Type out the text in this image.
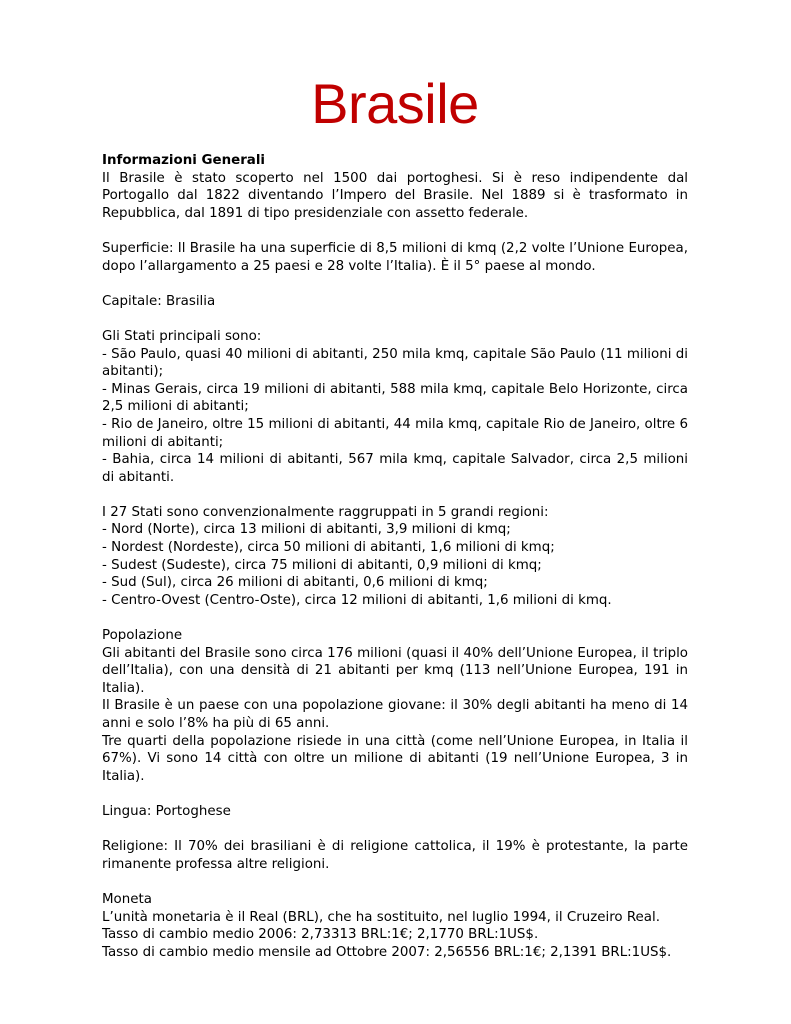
Brasile

Informazioni Generali

Il Brasile è stato scoperto nel 1500 dai portoghesi. Si è reso indipendente dal Portogallo dal 1822 diventando l’Impero del Brasile. Nel 1889 si è trasformato in Repubblica, dal 1891 di tipo presidenziale con assetto federale.

Superficie: Il Brasile ha una superficie di 8,5 milioni di kmq (2,2 volte l’Unione Europea, dopo l’allargamento a 25 paesi e 28 volte l’Italia). È il 5° paese al mondo.

Capitale: Brasilia

Gli Stati principali sono:

- São Paulo, quasi 40 milioni di abitanti, 250 mila kmq, capitale São Paulo (11 milioni di abitanti);

- Minas Gerais, circa 19 milioni di abitanti, 588 mila kmq, capitale Belo Horizonte, circa 2,5 milioni di abitanti;

- Rio de Janeiro, oltre 15 milioni di abitanti, 44 mila kmq, capitale Rio de Janeiro, oltre 6 milioni di abitanti;

- Bahia, circa 14 milioni di abitanti, 567 mila kmq, capitale Salvador, circa 2,5 milioni di abitanti.

I 27 Stati sono convenzionalmente raggruppati in 5 grandi regioni:

- Nord (Norte), circa 13 milioni di abitanti, 3,9 milioni di kmq;

- Nordest (Nordeste), circa 50 milioni di abitanti, 1,6 milioni di kmq;

- Sudest (Sudeste), circa 75 milioni di abitanti, 0,9 milioni di kmq;

- Sud (Sul), circa 26 milioni di abitanti, 0,6 milioni di kmq;

- Centro-Ovest (Centro-Oste), circa 12 milioni di abitanti, 1,6 milioni di kmq.

Popolazione

Gli abitanti del Brasile sono circa 176 milioni (quasi il 40% dell’Unione Europea, il triplo dell’Italia), con una densità di 21 abitanti per kmq (113 nell’Unione Europea, 191 in Italia).

Il Brasile è un paese con una popolazione giovane: il 30% degli abitanti ha meno di 14 anni e solo l’8% ha più di 65 anni.

Tre quarti della popolazione risiede in una città (come nell’Unione Europea, in Italia il 67%). Vi sono 14 città con oltre un milione di abitanti (19 nell’Unione Europea, 3 in Italia).

Lingua: Portoghese

Religione: Il 70% dei brasiliani è di religione cattolica, il 19% è protestante, la parte rimanente professa altre religioni.

Moneta

L’unità monetaria è il Real (BRL), che ha sostituito, nel luglio 1994, il Cruzeiro Real.

Tasso di cambio medio 2006: 2,73313 BRL:1€; 2,1770 BRL:1US$.

Tasso di cambio medio mensile ad Ottobre 2007: 2,56556 BRL:1€; 2,1391 BRL:1US$.
